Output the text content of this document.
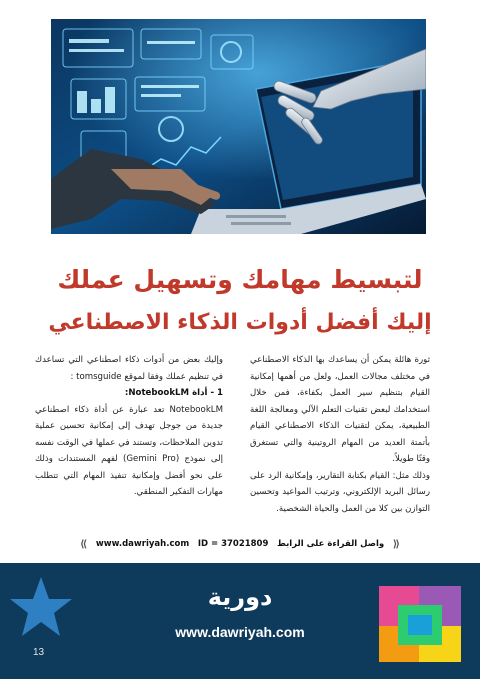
لتبسيط مهامك وتسهيل عملك
إليك أفضل أدوات الذكاء الاصطناعي

ثورة هائلة يمكن أن يساعدك بها الذكاء الاصطناعي في مختلف مجالات العمل، ولعل من أهمها إمكانية القيام بتنظيم سير العمل بكفاءة، فمن خلال استخدامك لبعض تقنيات التعلم الآلي ومعالجة اللغة الطبيعية، يمكن لتقنيات الذكاء الاصطناعي القيام بأتمتة العديد من المهام الروتينية والتي تستغرق وقتًا طويلاً.

وذلك مثل: القيام بكتابة التقارير، وإمكانية الرد على رسائل البريد الإلكتروني، وترتيب المواعيد وتحسين التوازن بين كلا من العمل والحياة الشخصية.

وإليك بعض من أدوات ذكاء اصطناعي التي تساعدك في تنظيم عملك وفقا لموقع tomsguide :

1 - أداة NotebookLM:

NotebookLM تعد عبارة عن أداة ذكاء اصطناعي جديدة من جوجل تهدف إلى إمكانية تحسين عملية تدوين الملاحظات، وتستند في عملها في الوقت نفسه إلى نموذج (Gemini Pro) لفهم المستندات وذلك على نحو أفضل وإمكانية تنفيذ المهام التي تتطلب مهارات التفكير المنطقي.

⟪
واصل القراءة على الرابط
ID = 37021809
www.dawriyah.com
⟫
دورية
www.dawriyah.com
13
